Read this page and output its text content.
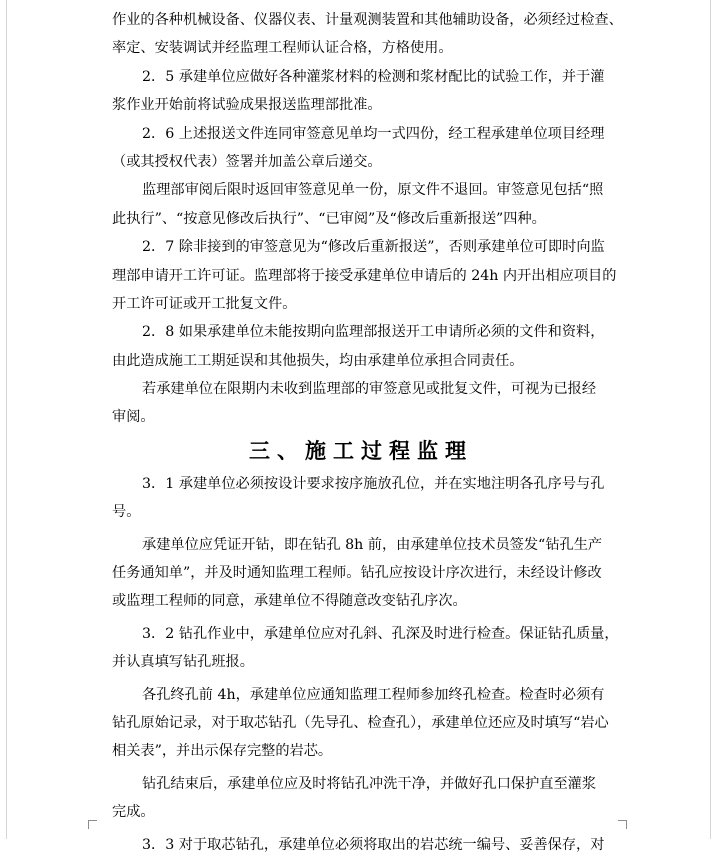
作业的各种机械设备、仪器仪表、计量观测装置和其他辅助设备，必须经过检查、
率定、安装调试并经监理工程师认证合格，方格使用。
2．5 承建单位应做好各种灌浆材料的检测和浆材配比的试验工作，并于灌
浆作业开始前将试验成果报送监理部批准。
2．6 上述报送文件连同审签意见单均一式四份，经工程承建单位项目经理
（或其授权代表）签署并加盖公章后递交。
监理部审阅后限时返回审签意见单一份，原文件不退回。审签意见包括“照
此执行”、“按意见修改后执行”、“已审阅”及“修改后重新报送”四种。
2．7 除非接到的审签意见为“修改后重新报送”，否则承建单位可即时向监
理部申请开工许可证。监理部将于接受承建单位申请后的 24h 内开出相应项目的
开工许可证或开工批复文件。
2．8 如果承建单位未能按期向监理部报送开工申请所必须的文件和资料，
由此造成施工工期延误和其他损失，均由承建单位承担合同责任。
若承建单位在限期内未收到监理部的审签意见或批复文件，可视为已报经
审阅。
三、施工过程监理
3．1 承建单位必须按设计要求按序施放孔位，并在实地注明各孔序号与孔
号。
承建单位应凭证开钻，即在钻孔 8h 前，由承建单位技术员签发“钻孔生产
任务通知单”，并及时通知监理工程师。钻孔应按设计序次进行，未经设计修改
或监理工程师的同意，承建单位不得随意改变钻孔序次。
3．2 钻孔作业中，承建单位应对孔斜、孔深及时进行检查。保证钻孔质量，
并认真填写钻孔班报。
各孔终孔前 4h，承建单位应通知监理工程师参加终孔检查。检查时必须有
钻孔原始记录，对于取芯钻孔（先导孔、检查孔），承建单位还应及时填写“岩心
相关表”，并出示保存完整的岩芯。
钻孔结束后，承建单位应及时将钻孔冲洗干净，并做好孔口保护直至灌浆
完成。
3．3 对于取芯钻孔，承建单位必须将取出的岩芯统一编号、妥善保存，对
